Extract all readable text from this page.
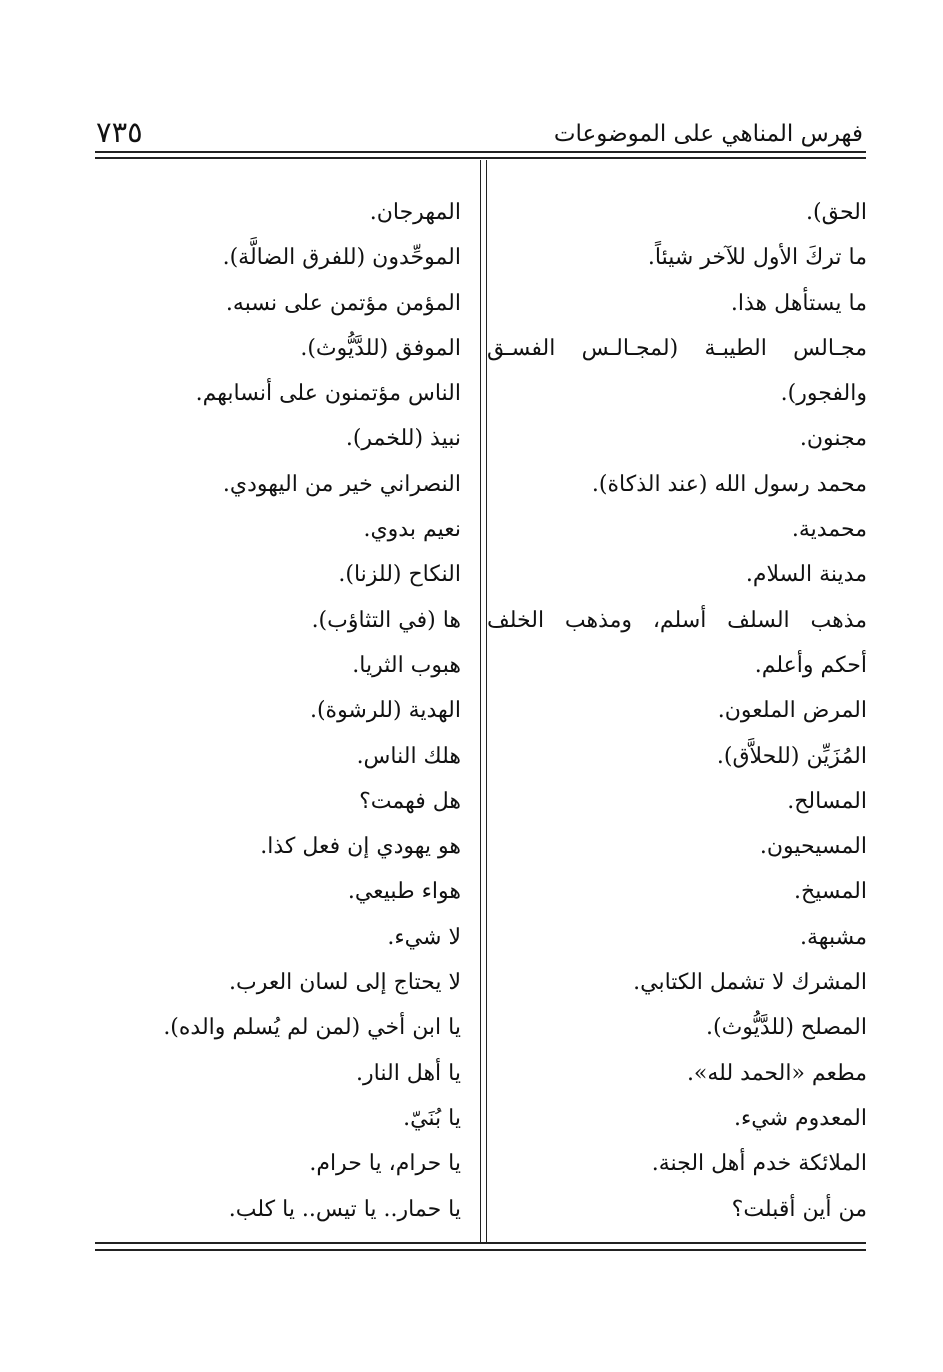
٧٣٥	فهرس المناهي على الموضوعات
الحق).
ما تركَ الأول للآخر شيئاً.
ما يستأهل هذا.
مجـالس الطيبـة (لمجـالـس الفسـق
والفجور).
مجنون.
محمد رسول الله (عند الذكاة).
محمدية.
مدينة السلام.
مذهب السلف أسلم، ومذهب الخلف
أحكم وأعلم.
المرض الملعون.
المُزَيِّن (للحلاَّق).
المسالح.
المسيحيون.
المسيخ.
مشبهة.
المشرك لا تشمل الكتابي.
المصلح (للدَّيُّوث).
مطعم «الحمد لله».
المعدوم شيء.
الملائكة خدم أهل الجنة.
من أين أقبلت؟
المهرجان.
الموحِّدون (للفرق الضالَّة).
المؤمن مؤتمن على نسبه.
الموفق (للدَّيُّوث).
الناس مؤتمنون على أنسابهم.
نبيذ (للخمر).
النصراني خير من اليهودي.
نعيم بدوي.
النكاح (للزنا).
ها (في التثاؤب).
هبوب الثريا.
الهدية (للرشوة).
هلك الناس.
هل فهمت؟
هو يهودي إن فعل كذا.
هواء طبيعي.
لا شيء.
لا يحتاج إلى لسان العرب.
يا ابن أخي (لمن لم يُسلم والده).
يا أهل النار.
يا بُنَيّ.
يا حرام، يا حرام.
يا حمار.. يا تيس.. يا كلب.
